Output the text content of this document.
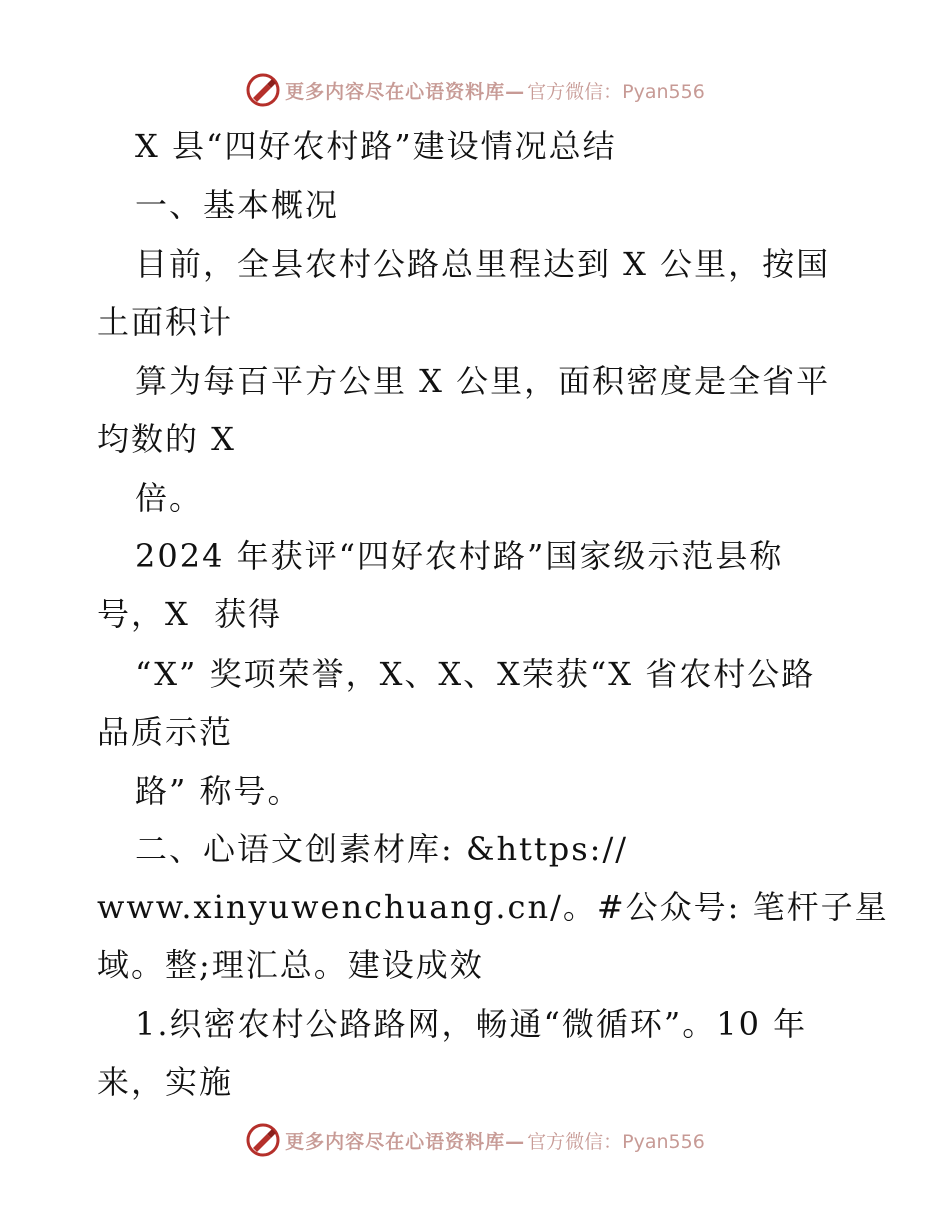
更多内容尽在心语资料库— 官方微信：Pyan556
X 县“四好农村路”建设情况总结
一、基本概况
目前，全县农村公路总里程达到 X 公里，按国
土面积计
算为每百平方公里 X 公里，面积密度是全省平
均数的 X
倍。
2024 年获评“四好农村路”国家级示范县称
号，X  获得
“X” 奖项荣誉，X、X、X荣获“X 省农村公路
品质示范
路” 称号。
二、心语文创素材库: &https://
www.xinyuwenchuang.cn/。#公众号: 笔杆子星
域。整;理汇总。建设成效
1.织密农村公路路网，畅通“微循环”。10 年
来，实施
更多内容尽在心语资料库— 官方微信：Pyan556
